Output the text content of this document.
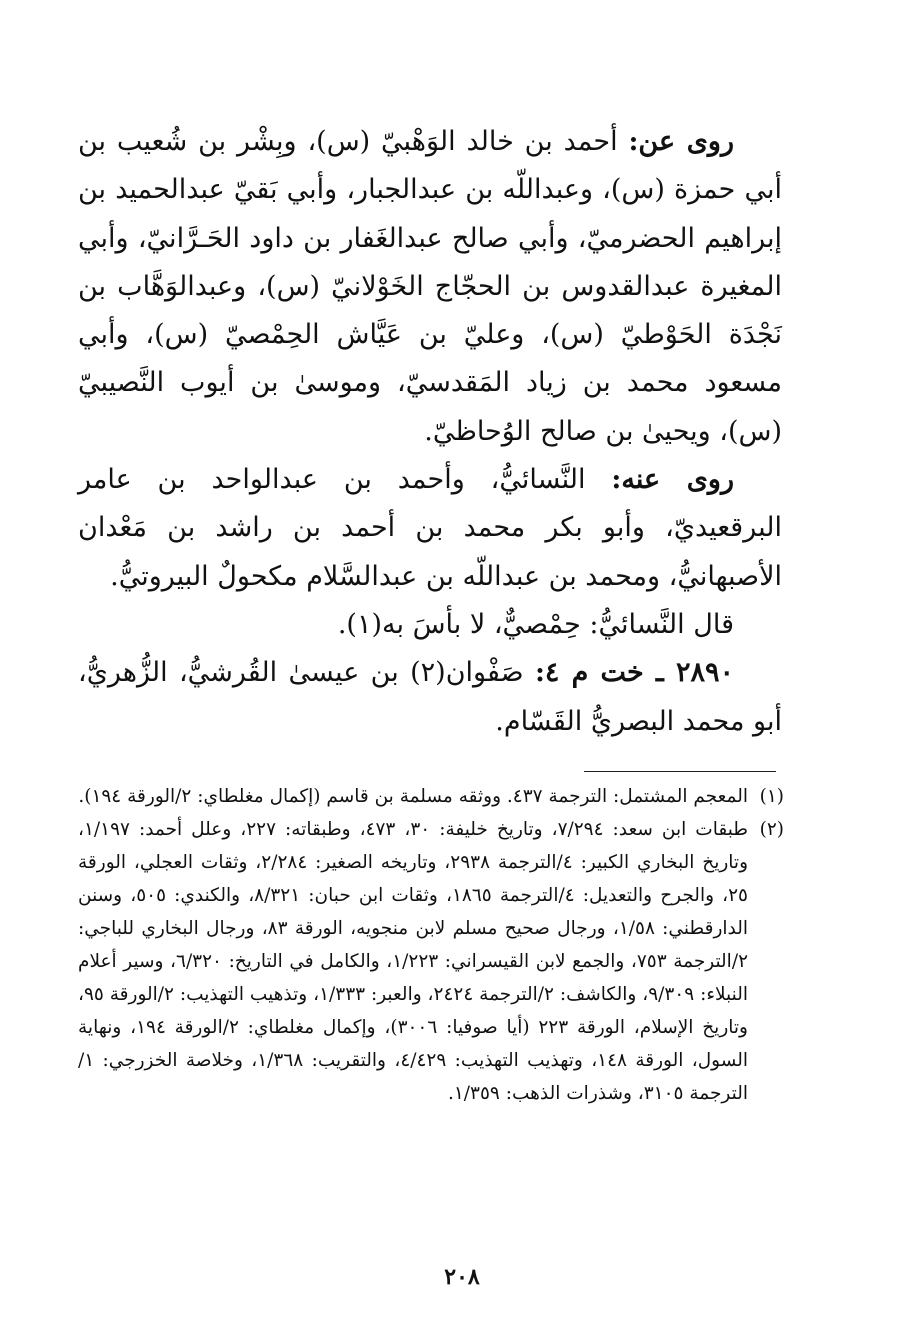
روى عن: أحمد بن خالد الوَهْبيّ (س)، وبِشْر بن شُعيب بن أبي حمزة (س)، وعبداللّه بن عبدالجبار، وأبي بَقيّ عبدالحميد بن إبراهيم الحضرميّ، وأبي صالح عبدالغَفار بن داود الحَـرَّانيّ، وأبي المغيرة عبدالقدوس بن الحجّاج الخَوْلانيّ (س)، وعبدالوَهَّاب بن نَجْدَة الحَوْطيّ (س)، وعليّ بن عَيَّاش الحِمْصيّ (س)، وأبي مسعود محمد بن زياد المَقدسيّ، وموسىٰ بن أيوب النَّصيبيّ (س)، ويحيىٰ بن صالح الوُحاظيّ.

روى عنه: النَّسائيُّ، وأحمد بن عبدالواحد بن عامر البرقعيديّ، وأبو بكر محمد بن أحمد بن راشد بن مَعْدان الأصبهانيُّ، ومحمد بن عبداللّه بن عبدالسَّلام مكحولٌ البيروتيُّ.

قال النَّسائيُّ: حِمْصيٌّ، لا بأسَ به(١).

٢٨٩٠ ـ خت م ٤: صَفْوان(٢) بن عيسىٰ القُرشيُّ، الزُّهريُّ، أبو محمد البصريُّ القَسّام.

(١)
المعجم المشتمل: الترجمة ٤٣٧. ووثقه مسلمة بن قاسم (إكمال مغلطاي: ٢/الورقة ١٩٤).
(٢)
طبقات ابن سعد: ٧/٢٩٤، وتاريخ خليفة: ٣٠، ٤٧٣، وطبقاته: ٢٢٧، وعلل أحمد: ١/١٩٧، وتاريخ البخاري الكبير: ٤/الترجمة ٢٩٣٨، وتاريخه الصغير: ٢/٢٨٤، وثقات العجلي، الورقة ٢٥، والجرح والتعديل: ٤/الترجمة ١٨٦٥، وثقات ابن حبان: ٨/٣٢١، والكندي: ٥٠٥، وسنن الدارقطني: ١/٥٨، ورجال صحيح مسلم لابن منجويه، الورقة ٨٣، ورجال البخاري للباجي: ٢/الترجمة ٧٥٣، والجمع لابن القيسراني: ١/٢٢٣، والكامل في التاريخ: ٦/٣٢٠، وسير أعلام النبلاء: ٩/٣٠٩، والكاشف: ٢/الترجمة ٢٤٢٤، والعبر: ١/٣٣٣، وتذهيب التهذيب: ٢/الورقة ٩٥، وتاريخ الإسلام، الورقة ٢٢٣ (أيا صوفيا: ٣٠٠٦)، وإكمال مغلطاي: ٢/الورقة ١٩٤، ونهاية السول، الورقة ١٤٨، وتهذيب التهذيب: ٤/٤٢٩، والتقريب: ١/٣٦٨، وخلاصة الخزرجي: ١/الترجمة ٣١٠٥، وشذرات الذهب: ١/٣٥٩.
٢٠٨
